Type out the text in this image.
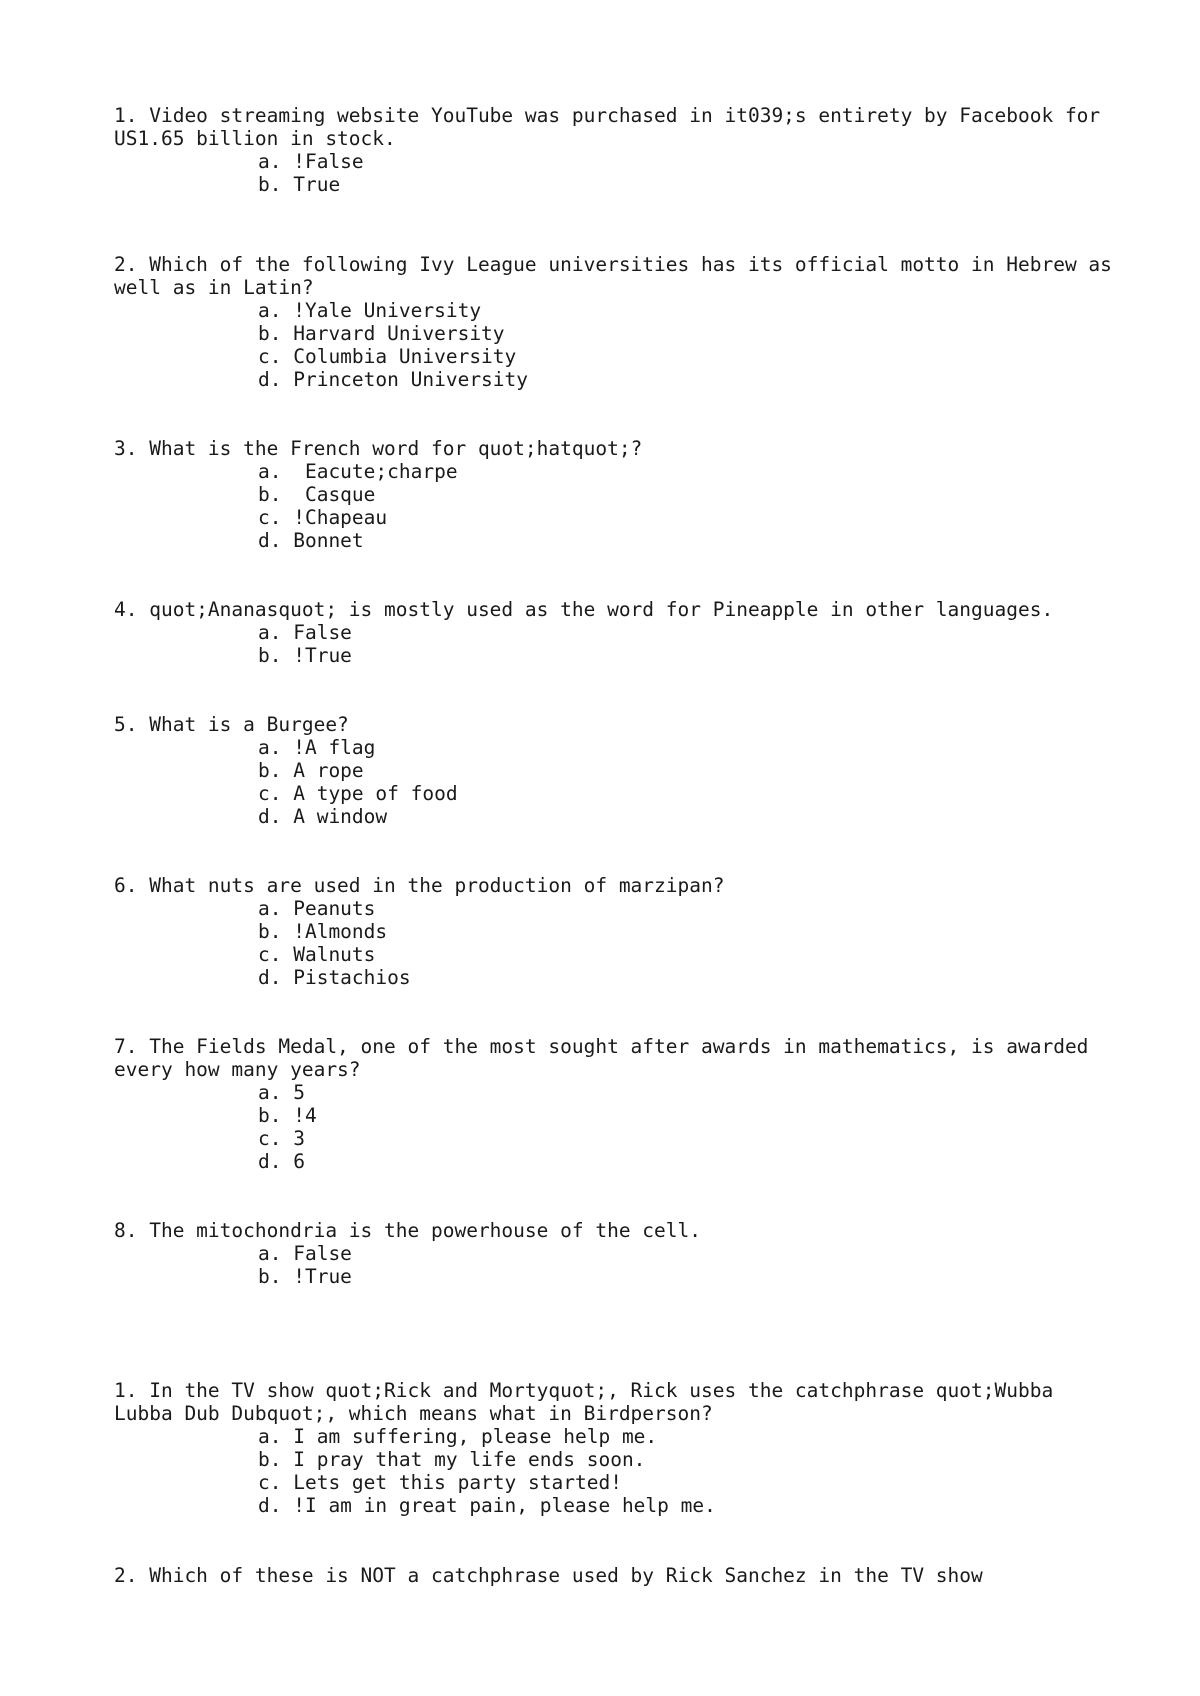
1. Video streaming website YouTube was purchased in it039;s entirety by Facebook for US1.65 billion in stock.

a. !False
b. True

2. Which of the following Ivy League universities has its official motto in Hebrew as well as in Latin?

a. !Yale University
b. Harvard University
c. Columbia University
d. Princeton University

3. What is the French word for quot;hatquot;?

a.  Eacute;charpe
b.  Casque
c. !Chapeau
d. Bonnet

4. quot;Ananasquot; is mostly used as the word for Pineapple in other languages.

a. False
b. !True

5. What is a Burgee?

a. !A flag
b. A rope
c. A type of food
d. A window

6. What nuts are used in the production of marzipan?

a. Peanuts
b. !Almonds
c. Walnuts
d. Pistachios

7. The Fields Medal, one of the most sought after awards in mathematics, is awarded every how many years?

a. 5
b. !4
c. 3
d. 6

8. The mitochondria is the powerhouse of the cell.

a. False
b. !True

1. In the TV show quot;Rick and Mortyquot;, Rick uses the catchphrase quot;Wubba Lubba Dub Dubquot;, which means what in Birdperson?

a. I am suffering, please help me.
b. I pray that my life ends soon.
c. Lets get this party started!
d. !I am in great pain, please help me.

2. Which of these is NOT a catchphrase used by Rick Sanchez in the TV show
